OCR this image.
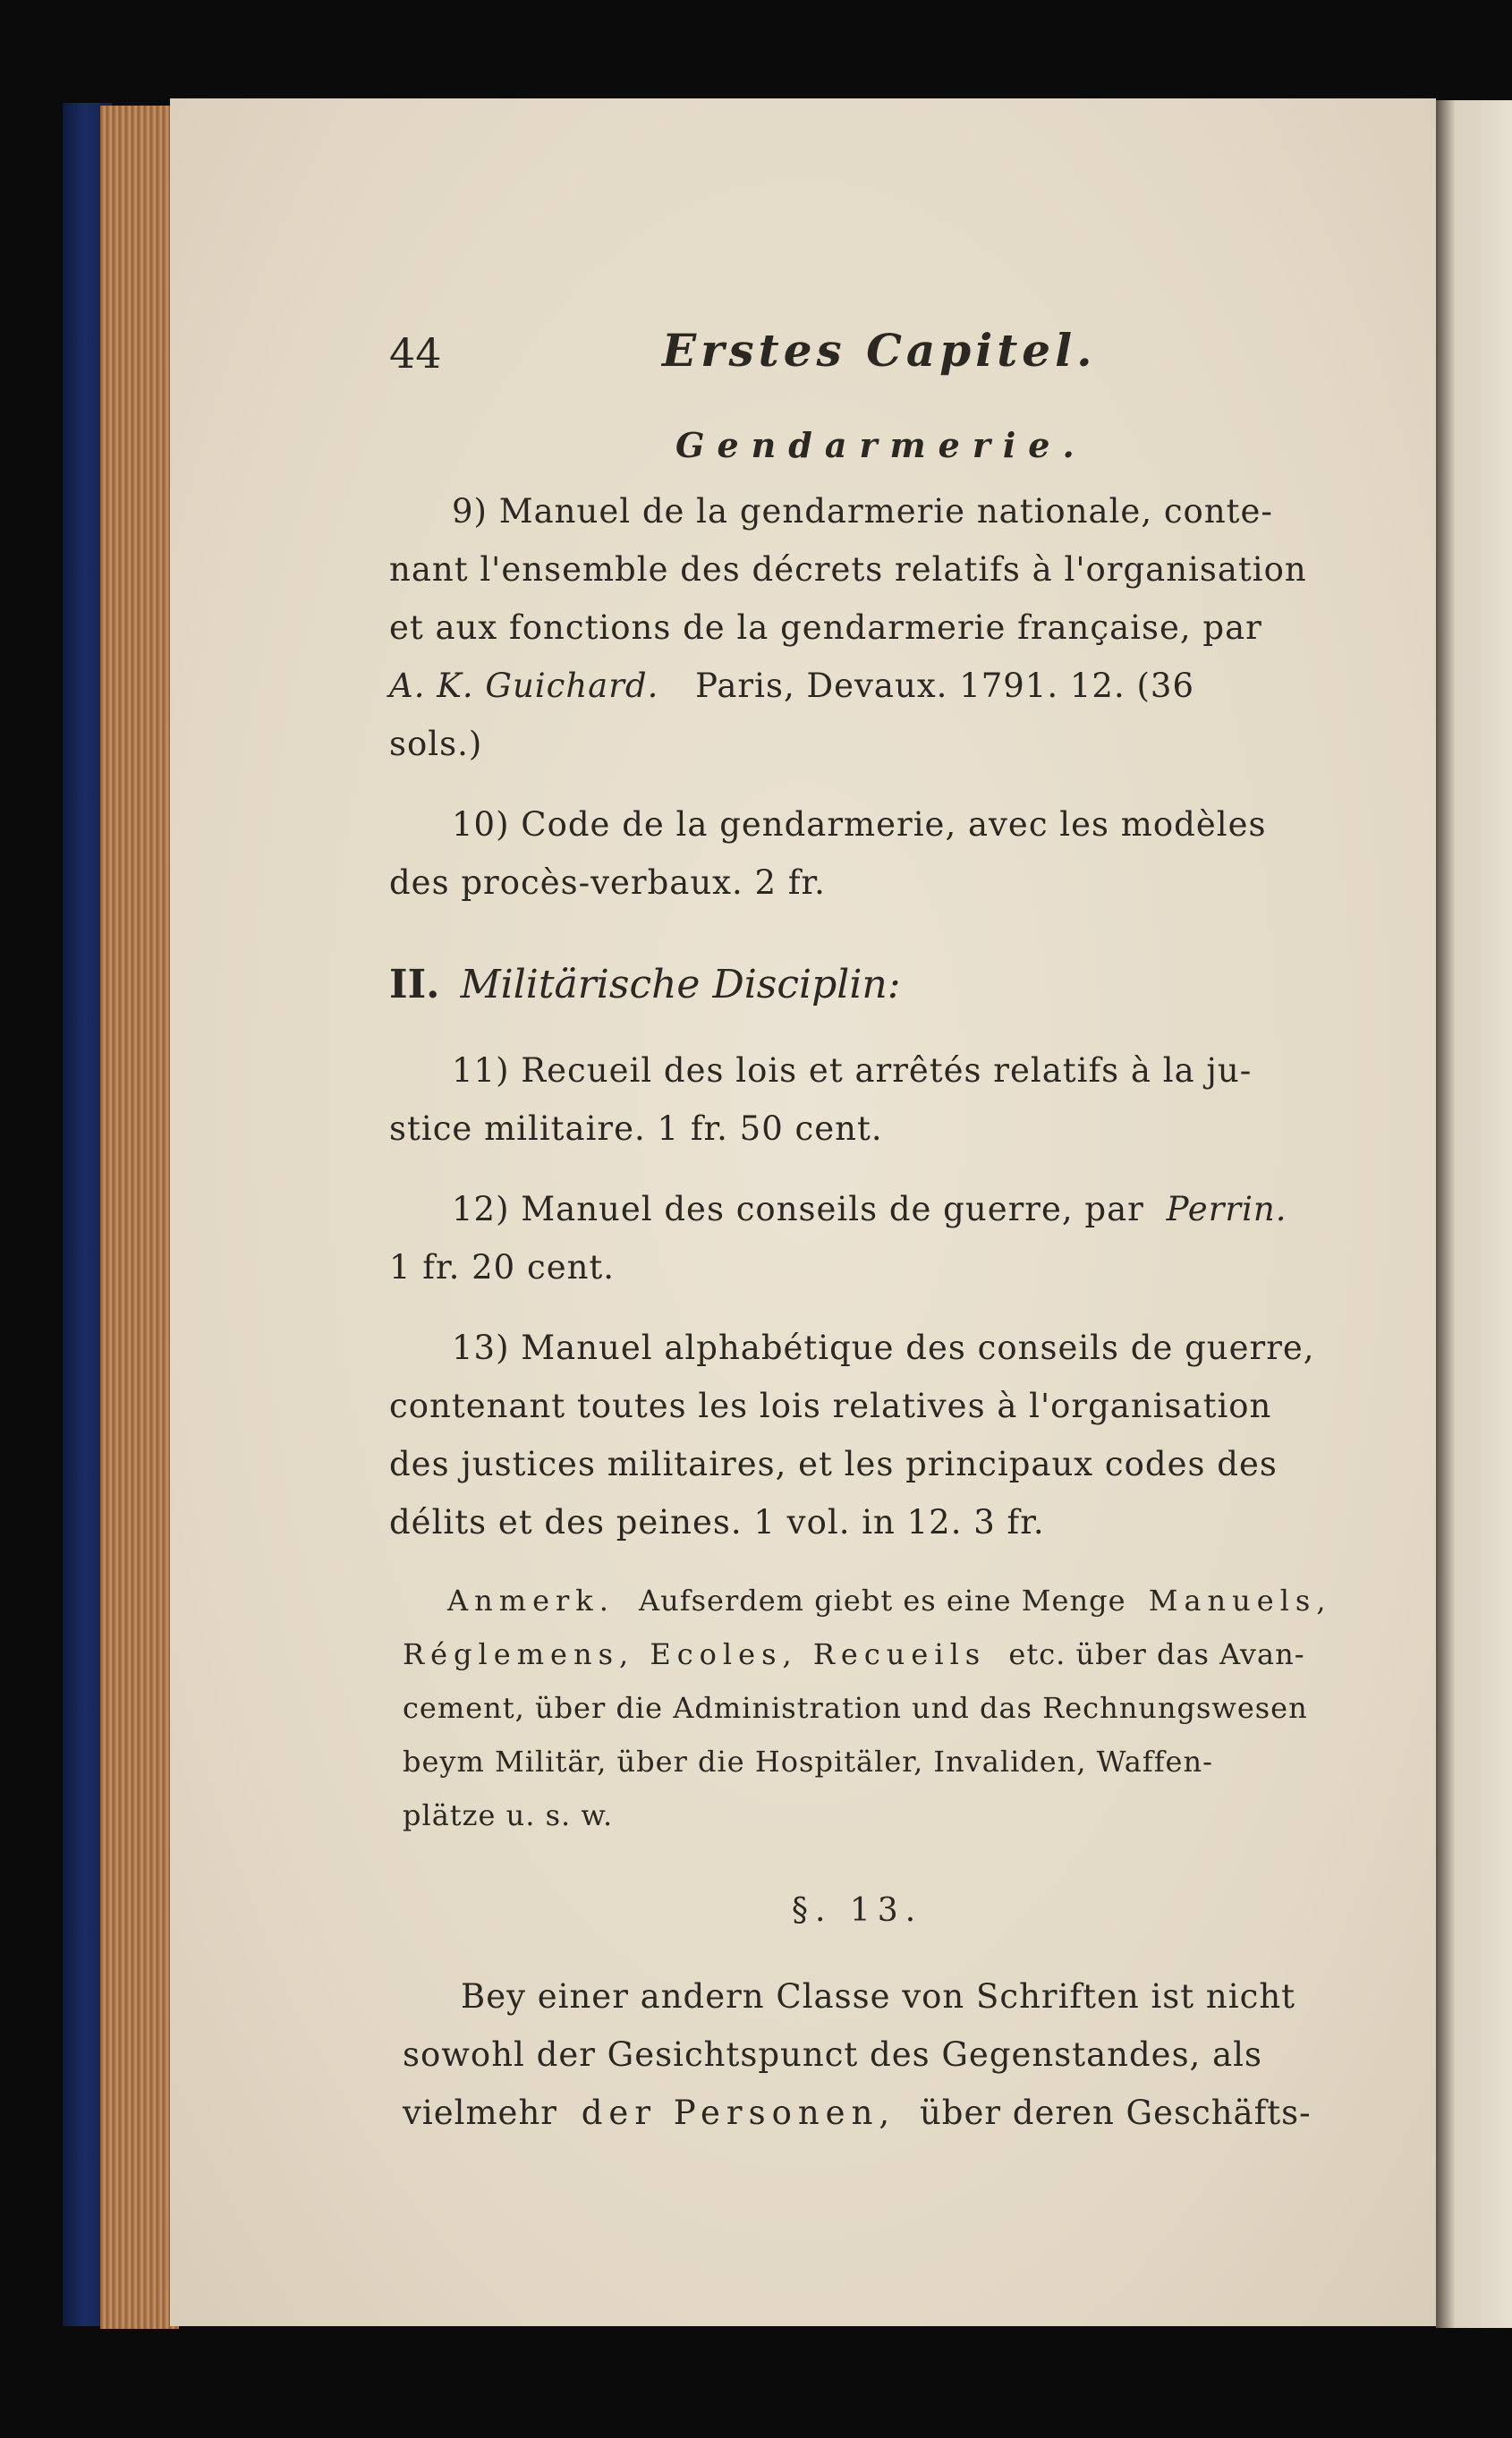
44	Erstes Capitel.
Gendarmerie.
9) Manuel de la gendarmerie nationale, conte-
nant l'ensemble des décrets relatifs à l'organisation
et aux fonctions de la gendarmerie française, par
A. K. Guichard. Paris, Devaux. 1791. 12. (36
sols.)
10) Code de la gendarmerie, avec les modèles
des procès-verbaux. 2 fr.
II. Militärische Disciplin:
11) Recueil des lois et arrêtés relatifs à la ju-
stice militaire. 1 fr. 50 cent.
12) Manuel des conseils de guerre, par Perrin.
1 fr. 20 cent.
13) Manuel alphabétique des conseils de guerre,
contenant toutes les lois relatives à l'organisation
des justices militaires, et les principaux codes des
délits et des peines. 1 vol. in 12. 3 fr.
Anmerk. Aufserdem giebt es eine Menge Manuels,
Réglemens, Ecoles, Recueils etc. über das Avan-
cement, über die Administration und das Rechnungswesen
beym Militär, über die Hospitäler, Invaliden, Waffen-
plätze u. s. w.
§. 13.
Bey einer andern Classe von Schriften ist nicht
sowohl der Gesichtspunct des Gegenstandes, als
vielmehr der Personen, über deren Geschäfts-
